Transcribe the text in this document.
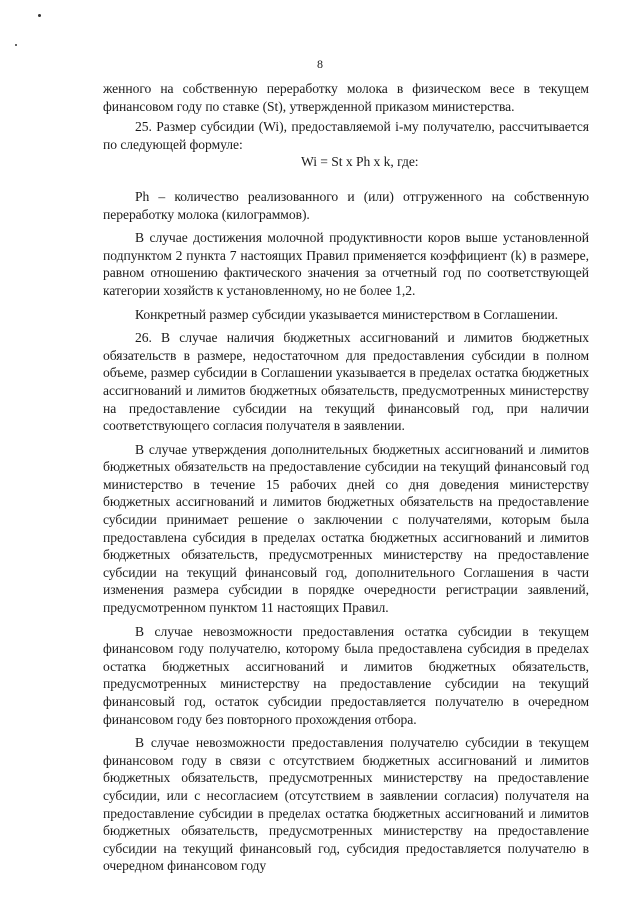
8

женного на собственную переработку молока в физическом весе в текущем финансовом году по ставке (St), утвержденной приказом министерства.

25. Размер субсидии (Wi), предоставляемой i-му получателю, рассчитывается по следующей формуле:

Wi = St x Ph x k, где:

Ph – количество реализованного и (или) отгруженного на собственную переработку молока (килограммов).

В случае достижения молочной продуктивности коров выше установленной подпунктом 2 пункта 7 настоящих Правил применяется коэффициент (k) в размере, равном отношению фактического значения за отчетный год по соответствующей категории хозяйств к установленному, но не более 1,2.

Конкретный размер субсидии указывается министерством в Соглашении.

26. В случае наличия бюджетных ассигнований и лимитов бюджетных обязательств в размере, недостаточном для предоставления субсидии в полном объеме, размер субсидии в Соглашении указывается в пределах остатка бюджетных ассигнований и лимитов бюджетных обязательств, предусмотренных министерству на предоставление субсидии на текущий финансовый год, при наличии соответствующего согласия получателя в заявлении.

В случае утверждения дополнительных бюджетных ассигнований и лимитов бюджетных обязательств на предоставление субсидии на текущий финансовый год министерство в течение 15 рабочих дней со дня доведения министерству бюджетных ассигнований и лимитов бюджетных обязательств на предоставление субсидии принимает решение о заключении с получателями, которым была предоставлена субсидия в пределах остатка бюджетных ассигнований и лимитов бюджетных обязательств, предусмотренных министерству на предоставление субсидии на текущий финансовый год, дополнительного Соглашения в части изменения размера субсидии в порядке очередности регистрации заявлений, предусмотренном пунктом 11 настоящих Правил.

В случае невозможности предоставления остатка субсидии в текущем финансовом году получателю, которому была предоставлена субсидия в пределах остатка бюджетных ассигнований и лимитов бюджетных обязательств, предусмотренных министерству на предоставление субсидии на текущий финансовый год, остаток субсидии предоставляется получателю в очередном финансовом году без повторного прохождения отбора.

В случае невозможности предоставления получателю субсидии в текущем финансовом году в связи с отсутствием бюджетных ассигнований и лимитов бюджетных обязательств, предусмотренных министерству на предоставление субсидии, или с несогласием (отсутствием в заявлении согласия) получателя на предоставление субсидии в пределах остатка бюджетных ассигнований и лимитов бюджетных обязательств, предусмотренных министерству на предоставление субсидии на текущий финансовый год, субсидия предоставляется получателю в очередном финансовом году
